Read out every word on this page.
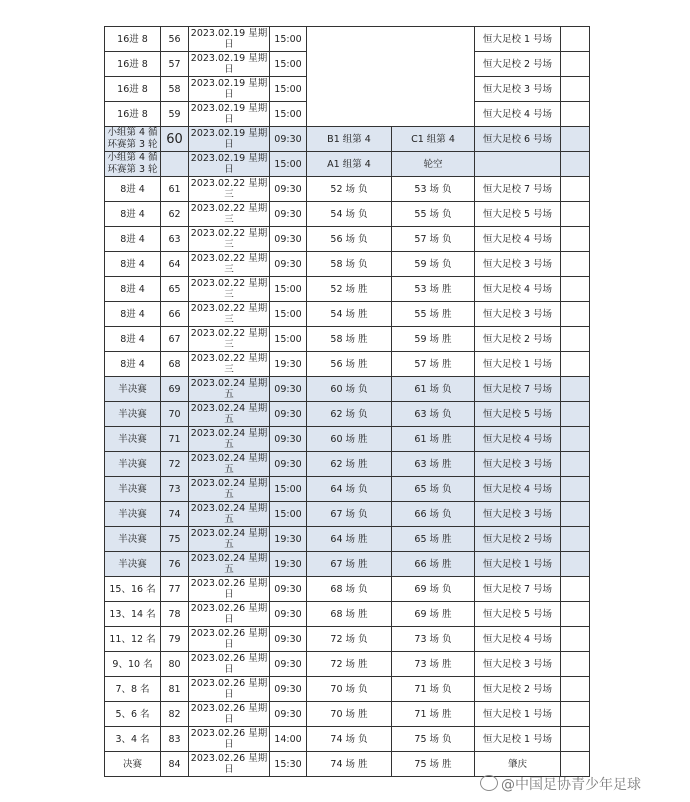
16进 8	56	2023.02.19 星期日	15:00			恒大足校 1 号场	
16进 8	57	2023.02.19 星期日	15:00			恒大足校 2 号场	
16进 8	58	2023.02.19 星期日	15:00			恒大足校 3 号场	
16进 8	59	2023.02.19 星期日	15:00			恒大足校 4 号场	
小组第 4 循环赛第 3 轮	60	2023.02.19 星期日	09:30	B1 组第 4	C1 组第 4	恒大足校 6 号场	
小组第 4 循环赛第 3 轮		2023.02.19 星期日	15:00	A1 组第 4	轮空		
8进 4	61	2023.02.22 星期三	09:30	52 场 负	53 场 负	恒大足校 7 号场	
8进 4	62	2023.02.22 星期三	09:30	54 场 负	55 场 负	恒大足校 5 号场	
8进 4	63	2023.02.22 星期三	09:30	56 场 负	57 场 负	恒大足校 4 号场	
8进 4	64	2023.02.22 星期三	09:30	58 场 负	59 场 负	恒大足校 3 号场	
8进 4	65	2023.02.22 星期三	15:00	52 场 胜	53 场 胜	恒大足校 4 号场	
8进 4	66	2023.02.22 星期三	15:00	54 场 胜	55 场 胜	恒大足校 3 号场	
8进 4	67	2023.02.22 星期三	15:00	58 场 胜	59 场 胜	恒大足校 2 号场	
8进 4	68	2023.02.22 星期三	19:30	56 场 胜	57 场 胜	恒大足校 1 号场	
半决赛	69	2023.02.24 星期五	09:30	60 场 负	61 场 负	恒大足校 7 号场	
半决赛	70	2023.02.24 星期五	09:30	62 场 负	63 场 负	恒大足校 5 号场	
半决赛	71	2023.02.24 星期五	09:30	60 场 胜	61 场 胜	恒大足校 4 号场	
半决赛	72	2023.02.24 星期五	09:30	62 场 胜	63 场 胜	恒大足校 3 号场	
半决赛	73	2023.02.24 星期五	15:00	64 场 负	65 场 负	恒大足校 4 号场	
半决赛	74	2023.02.24 星期五	15:00	67 场 负	66 场 负	恒大足校 3 号场	
半决赛	75	2023.02.24 星期五	19:30	64 场 胜	65 场 胜	恒大足校 2 号场	
半决赛	76	2023.02.24 星期五	19:30	67 场 胜	66 场 胜	恒大足校 1 号场	
15、16 名	77	2023.02.26 星期日	09:30	68 场 负	69 场 负	恒大足校 7 号场	
13、14 名	78	2023.02.26 星期日	09:30	68 场 胜	69 场 胜	恒大足校 5 号场	
11、12 名	79	2023.02.26 星期日	09:30	72 场 负	73 场 负	恒大足校 4 号场	
9、10 名	80	2023.02.26 星期日	09:30	72 场 胜	73 场 胜	恒大足校 3 号场	
7、8 名	81	2023.02.26 星期日	09:30	70 场 负	71 场 负	恒大足校 2 号场	
5、6 名	82	2023.02.26 星期日	09:30	70 场 胜	71 场 胜	恒大足校 1 号场	
3、4 名	83	2023.02.26 星期日	14:00	74 场 负	75 场 负	恒大足校 1 号场	
决赛	84	2023.02.26 星期日	15:30	74 场 胜	75 场 胜	肇庆	
@中国足协青少年足球
